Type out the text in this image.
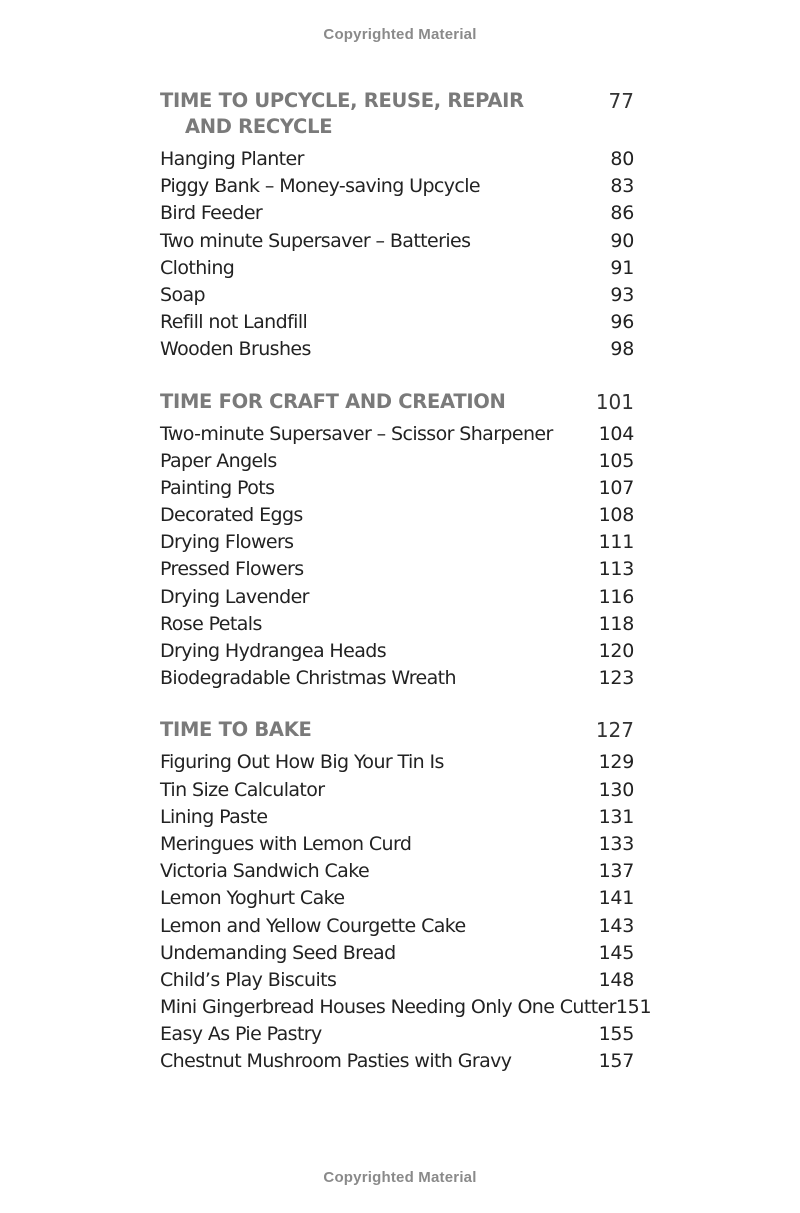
Copyrighted Material
TIME TO UPCYCLE, REUSE, REPAIR
AND RECYCLE
77
Hanging Planter	80
Piggy Bank – Money-saving Upcycle	83
Bird Feeder	86
Two minute Supersaver – Batteries	90
Clothing	91
Soap	93
Refill not Landfill	96
Wooden Brushes	98
TIME FOR CRAFT AND CREATION	101
Two-minute Supersaver – Scissor Sharpener 104
Paper Angels	105
Painting Pots	107
Decorated Eggs	108
Drying Flowers	111
Pressed Flowers	113
Drying Lavender	116
Rose Petals	118
Drying Hydrangea Heads	120
Biodegradable Christmas Wreath	123
TIME TO BAKE	127
Figuring Out How Big Your Tin Is	129
Tin Size Calculator	130
Lining Paste	131
Meringues with Lemon Curd	133
Victoria Sandwich Cake	137
Lemon Yoghurt Cake	141
Lemon and Yellow Courgette Cake	143
Undemanding Seed Bread	145
Child’s Play Biscuits	148
Mini Gingerbread Houses Needing Only One Cutter 151
Easy As Pie Pastry	155
Chestnut Mushroom Pasties with Gravy	157
Copyrighted Material
